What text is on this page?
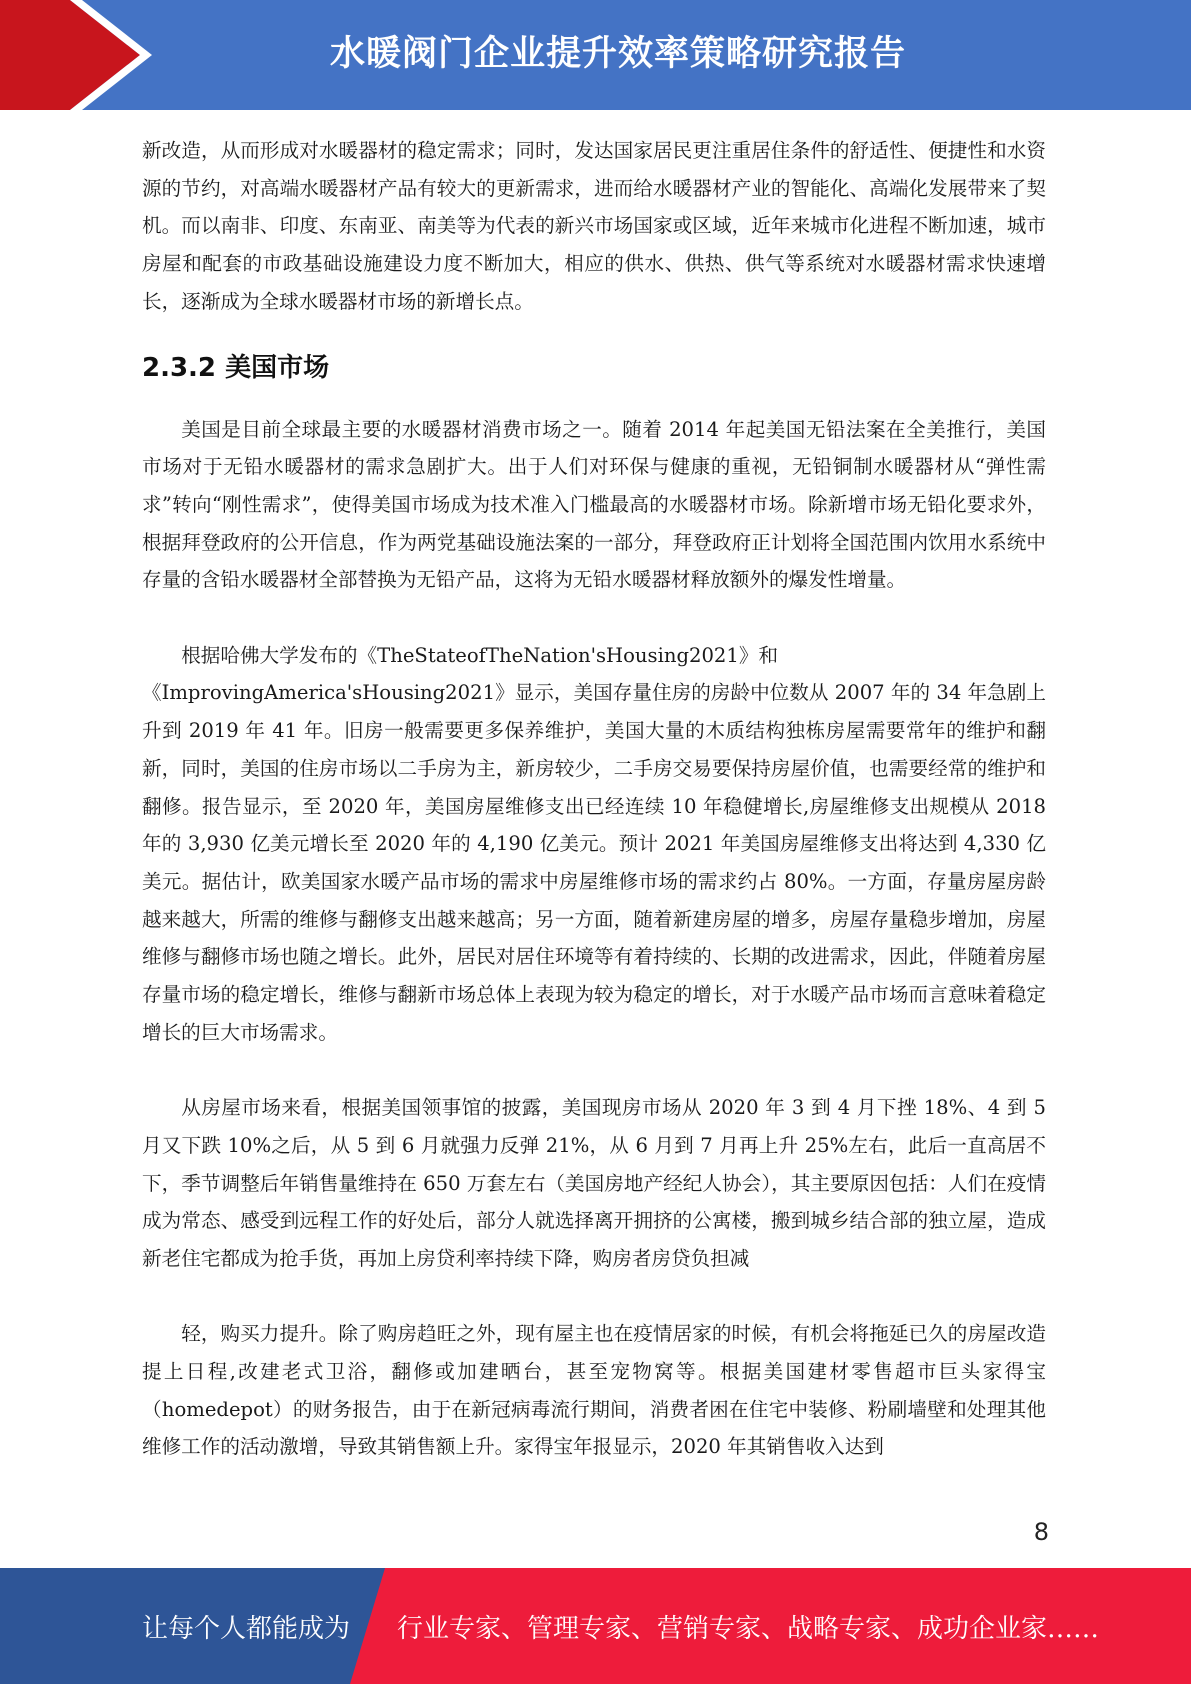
水暖阀门企业提升效率策略研究报告

新改造，从而形成对水暖器材的稳定需求；同时，发达国家居民更注重居住条件的舒适性、便捷性和水资源的节约，对高端水暖器材产品有较大的更新需求，进而给水暖器材产业的智能化、高端化发展带来了契机。而以南非、印度、东南亚、南美等为代表的新兴市场国家或区域，近年来城市化进程不断加速，城市房屋和配套的市政基础设施建设力度不断加大，相应的供水、供热、供气等系统对水暖器材需求快速增长，逐渐成为全球水暖器材市场的新增长点。

2.3.2 美国市场

美国是目前全球最主要的水暖器材消费市场之一。随着 2014 年起美国无铅法案在全美推行，美国市场对于无铅水暖器材的需求急剧扩大。出于人们对环保与健康的重视，无铅铜制水暖器材从“弹性需求”转向“刚性需求”，使得美国市场成为技术准入门槛最高的水暖器材市场。除新增市场无铅化要求外，根据拜登政府的公开信息，作为两党基础设施法案的一部分，拜登政府正计划将全国范围内饮用水系统中存量的含铅水暖器材全部替换为无铅产品，这将为无铅水暖器材释放额外的爆发性增量。

根据哈佛大学发布的《TheStateofTheNation'sHousing2021》和

《ImprovingAmerica'sHousing2021》显示，美国存量住房的房龄中位数从 2007 年的 34 年急剧上升到 2019 年 41 年。旧房一般需要更多保养维护，美国大量的木质结构独栋房屋需要常年的维护和翻新，同时，美国的住房市场以二手房为主，新房较少，二手房交易要保持房屋价值，也需要经常的维护和翻修。报告显示，至 2020 年，美国房屋维修支出已经连续 10 年稳健增长,房屋维修支出规模从 2018 年的 3,930 亿美元增长至 2020 年的 4,190 亿美元。预计 2021 年美国房屋维修支出将达到 4,330 亿美元。据估计，欧美国家水暖产品市场的需求中房屋维修市场的需求约占 80%。一方面，存量房屋房龄越来越大，所需的维修与翻修支出越来越高；另一方面，随着新建房屋的增多，房屋存量稳步增加，房屋维修与翻修市场也随之增长。此外，居民对居住环境等有着持续的、长期的改进需求，因此，伴随着房屋存量市场的稳定增长，维修与翻新市场总体上表现为较为稳定的增长，对于水暖产品市场而言意味着稳定增长的巨大市场需求。

从房屋市场来看，根据美国领事馆的披露，美国现房市场从 2020 年 3 到 4 月下挫 18%、4 到 5 月又下跌 10%之后，从 5 到 6 月就强力反弹 21%，从 6 月到 7 月再上升 25%左右，此后一直高居不下，季节调整后年销售量维持在 650 万套左右（美国房地产经纪人协会），其主要原因包括：人们在疫情成为常态、感受到远程工作的好处后，部分人就选择离开拥挤的公寓楼，搬到城乡结合部的独立屋，造成新老住宅都成为抢手货，再加上房贷利率持续下降，购房者房贷负担减

轻，购买力提升。除了购房趋旺之外，现有屋主也在疫情居家的时候，有机会将拖延已久的房屋改造提上日程,改建老式卫浴，翻修或加建晒台，甚至宠物窝等。根据美国建材零售超市巨头家得宝（homedepot）的财务报告，由于在新冠病毒流行期间，消费者困在住宅中装修、粉刷墙壁和处理其他维修工作的活动激增，导致其销售额上升。家得宝年报显示，2020 年其销售收入达到

8
让每个人都能成为 行业专家、管理专家、营销专家、战略专家、成功企业家……
